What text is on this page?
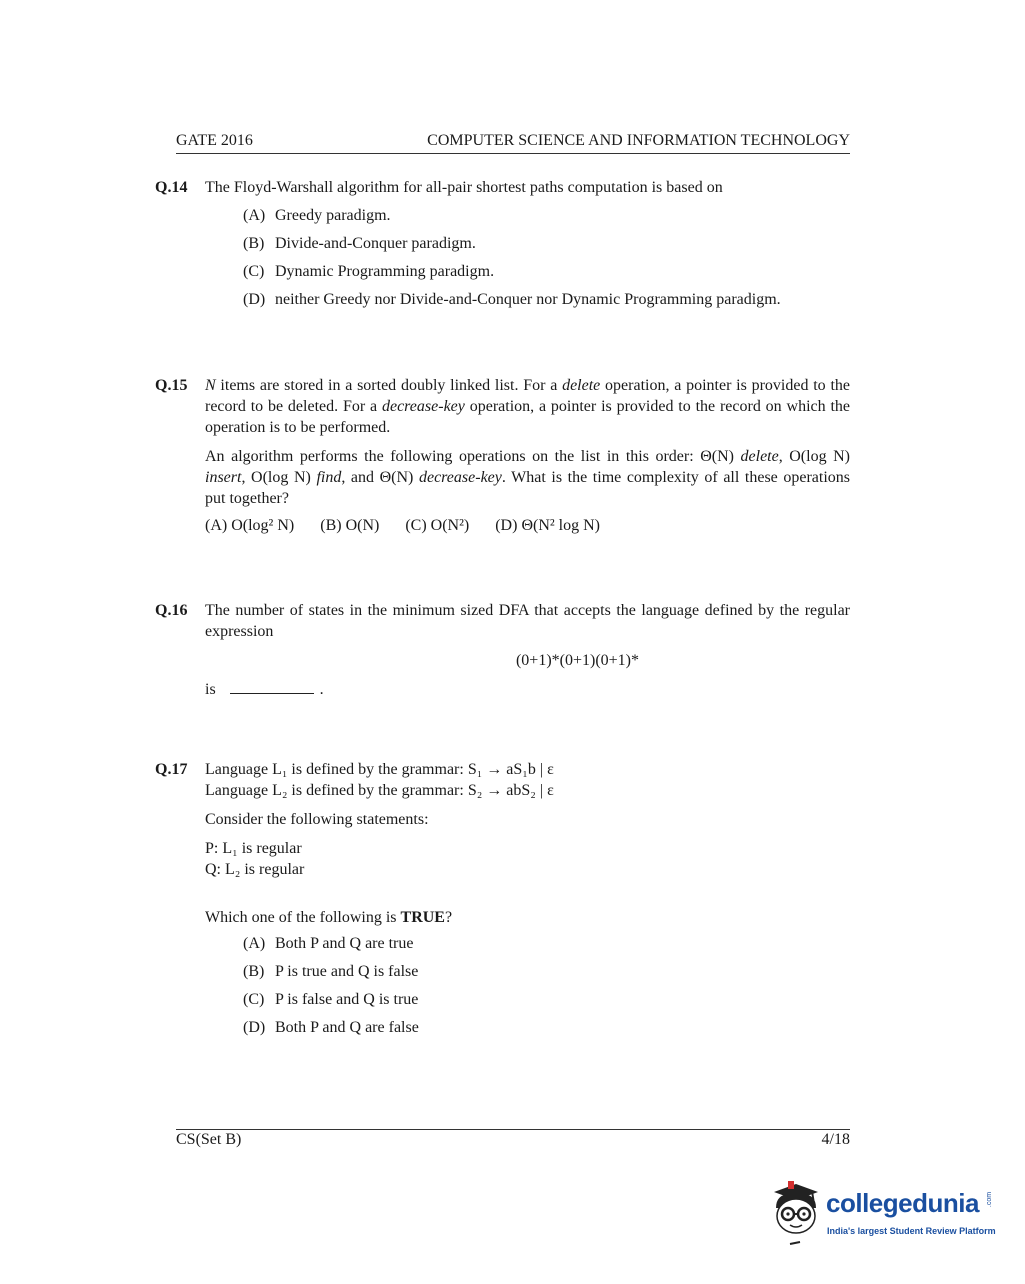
GATE 2016	COMPUTER SCIENCE AND INFORMATION TECHNOLOGY
Q.14 The Floyd-Warshall algorithm for all-pair shortest paths computation is based on
(A) Greedy paradigm.
(B) Divide-and-Conquer paradigm.
(C) Dynamic Programming paradigm.
(D) neither Greedy nor Divide-and-Conquer nor Dynamic Programming paradigm.
Q.15 N items are stored in a sorted doubly linked list. For a delete operation, a pointer is provided to the record to be deleted. For a decrease-key operation, a pointer is provided to the record on which the operation is to be performed.
An algorithm performs the following operations on the list in this order: Θ(N) delete, O(log N) insert, O(log N) find, and Θ(N) decrease-key. What is the time complexity of all these operations put together?
(A) O(log² N) (B) O(N) (C) O(N²) (D) Θ(N² log N)
Q.16 The number of states in the minimum sized DFA that accepts the language defined by the regular expression
(0+1)*(0+1)(0+1)*
is	.
Q.17 Language L₁ is defined by the grammar: S₁ → aS₁b | ε
Language L₂ is defined by the grammar: S₂ → abS₂ | ε
Consider the following statements:
P: L₁ is regular
Q: L₂ is regular
Which one of the following is TRUE?
(A) Both P and Q are true
(B) P is true and Q is false
(C) P is false and Q is true
(D) Both P and Q are false
CS(Set B)	4/18
collegedunia .com
India's largest Student Review Platform
